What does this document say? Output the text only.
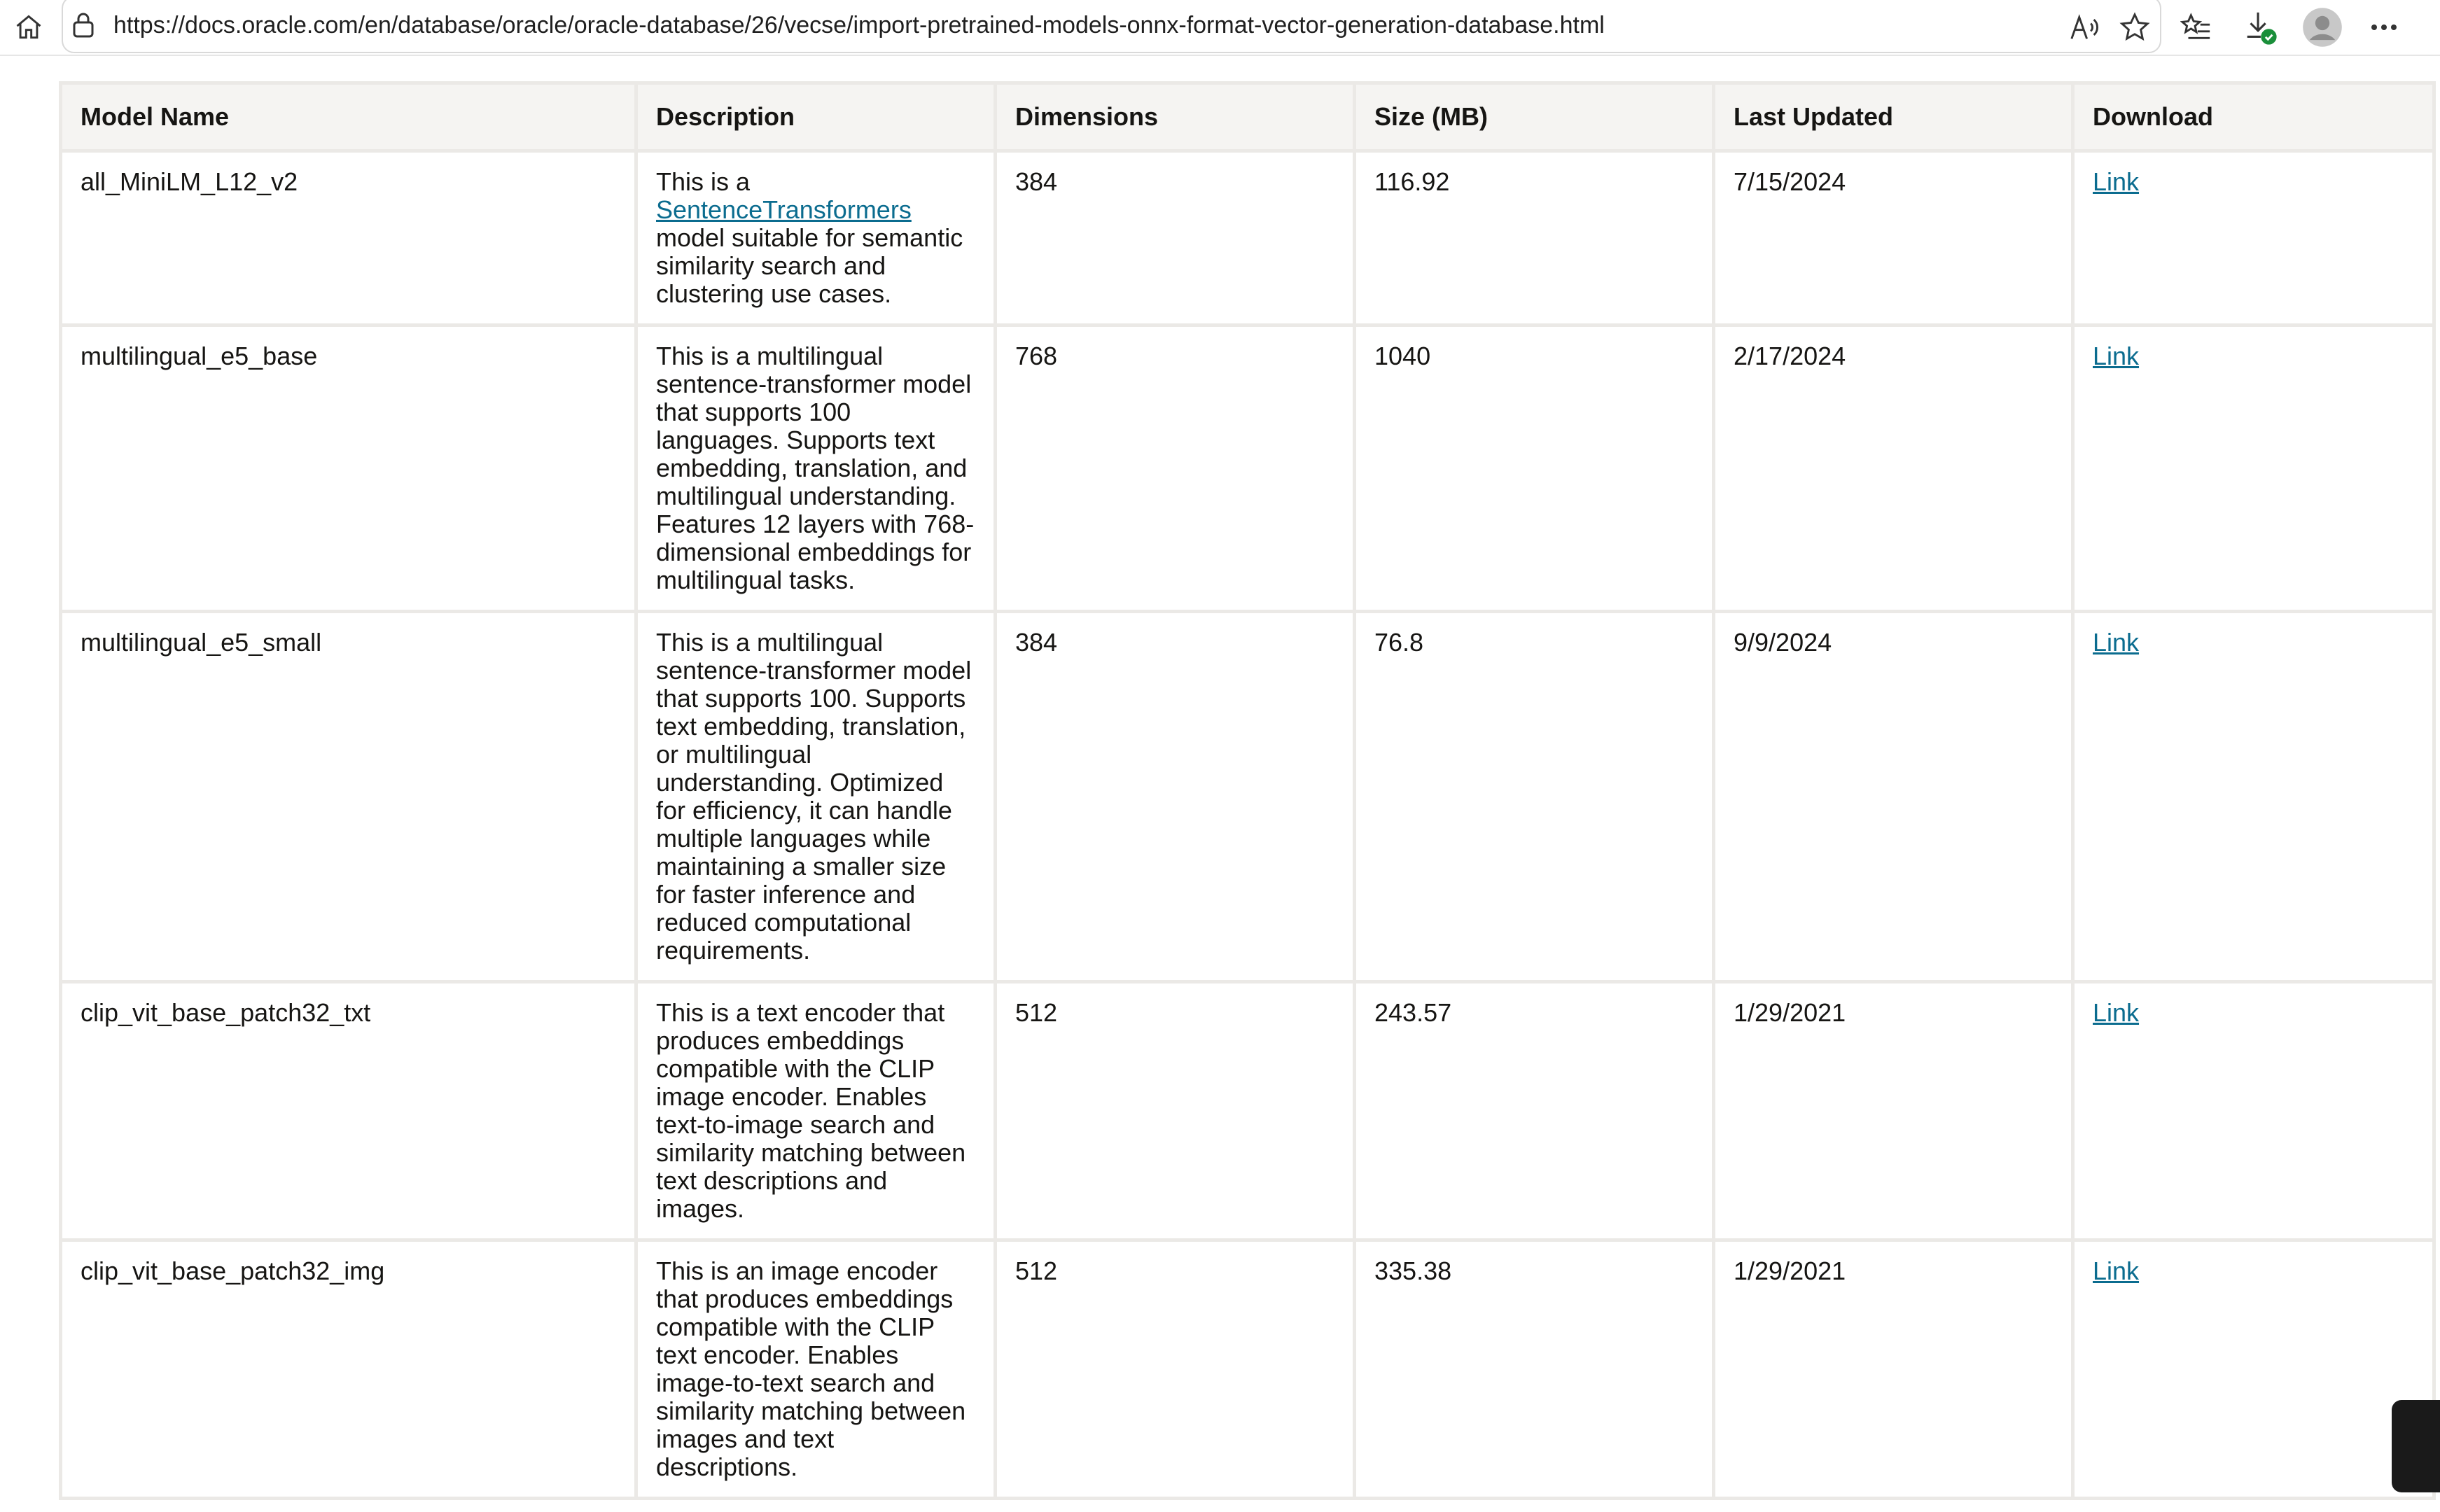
https://docs.oracle.com/en/database/oracle/oracle-database/26/vecse/import-pretrained-models-onnx-format-vector-generation-database.html
Model Name	Description	Dimensions	Size (MB)	Last Updated	Download
all_MiniLM_L12_v2	This is a SentenceTransformers model suitable for semantic similarity search and clustering use cases.	384	116.92	7/15/2024	Link
multilingual_e5_base	This is a multilingual sentence-transformer model that supports 100 languages. Supports text embedding, translation, and multilingual understanding. Features 12 layers with 768-dimensional embeddings for multilingual tasks.	768	1040	2/17/2024	Link
multilingual_e5_small	This is a multilingual sentence-transformer model that supports 100. Supports text embedding, translation, or multilingual understanding. Optimized for efficiency, it can handle multiple languages while maintaining a smaller size for faster inference and reduced computational requirements.	384	76.8	9/9/2024	Link
clip_vit_base_patch32_txt	This is a text encoder that produces embeddings compatible with the CLIP image encoder. Enables text-to-image search and similarity matching between text descriptions and images.	512	243.57	1/29/2021	Link
clip_vit_base_patch32_img	This is an image encoder that produces embeddings compatible with the CLIP text encoder. Enables image-to-text search and similarity matching between images and text descriptions.	512	335.38	1/29/2021	Link
